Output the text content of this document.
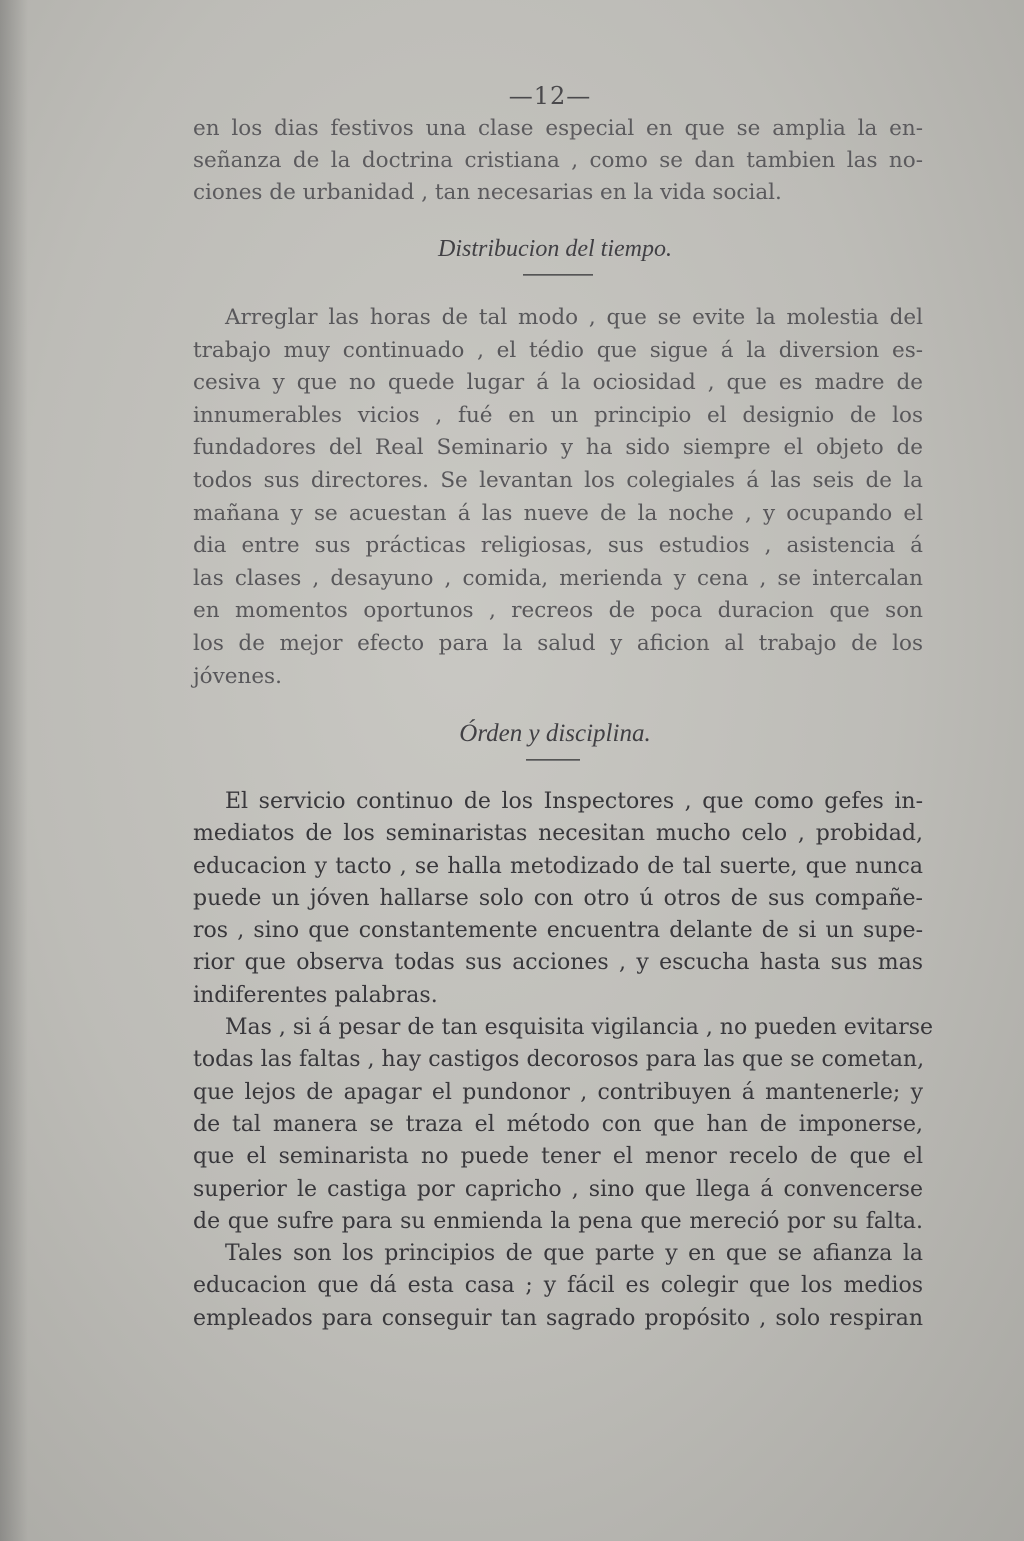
—12—
en los dias festivos una clase especial en que se amplia la en-
señanza de la doctrina cristiana , como se dan tambien las no-
ciones de urbanidad , tan necesarias en la vida social.
Distribucion del tiempo.
Arreglar las horas de tal modo , que se evite la molestia del
trabajo muy continuado , el tédio que sigue á la diversion es-
cesiva y que no quede lugar á la ociosidad , que es madre de
innumerables vicios , fué en un principio el designio de los
fundadores del Real Seminario y ha sido siempre el objeto de
todos sus directores. Se levantan los colegiales á las seis de la
mañana y se acuestan á las nueve de la noche , y ocupando el
dia entre sus prácticas religiosas, sus estudios , asistencia á
las clases , desayuno , comida, merienda y cena , se intercalan
en momentos oportunos , recreos de poca duracion que son
los de mejor efecto para la salud y aficion al trabajo de los
jóvenes.
Órden y disciplina.
El servicio continuo de los Inspectores , que como gefes in-
mediatos de los seminaristas necesitan mucho celo , probidad,
educacion y tacto , se halla metodizado de tal suerte, que nunca
puede un jóven hallarse solo con otro ú otros de sus compañe-
ros , sino que constantemente encuentra delante de si un supe-
rior que observa todas sus acciones , y escucha hasta sus mas
indiferentes palabras.
Mas , si á pesar de tan esquisita vigilancia , no pueden evitarse
todas las faltas , hay castigos decorosos para las que se cometan,
que lejos de apagar el pundonor , contribuyen á mantenerle; y
de tal manera se traza el método con que han de imponerse,
que el seminarista no puede tener el menor recelo de que el
superior le castiga por capricho , sino que llega á convencerse
de que sufre para su enmienda la pena que mereció por su falta.
Tales son los principios de que parte y en que se afianza la
educacion que dá esta casa ; y fácil es colegir que los medios
empleados para conseguir tan sagrado propósito , solo respiran
